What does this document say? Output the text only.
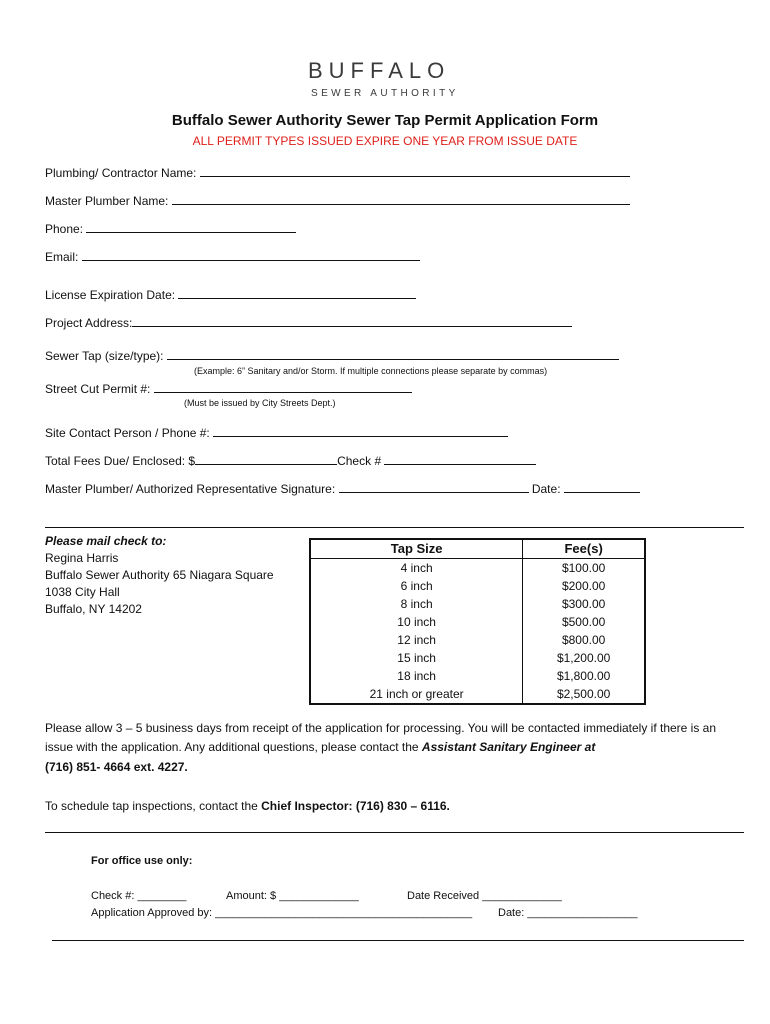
BUFFALO
SEWER AUTHORITY
Buffalo Sewer Authority Sewer Tap Permit Application Form
ALL PERMIT TYPES ISSUED EXPIRE ONE YEAR FROM ISSUE DATE
Plumbing/ Contractor Name:
Master Plumber Name:
Phone:
Email:
License Expiration Date:
Project Address:
Sewer Tap (size/type):
(Example: 6” Sanitary and/or Storm. If multiple connections please separate by commas)
Street Cut Permit #:
(Must be issued by City Streets Dept.)
Site Contact Person / Phone #:
Total Fees Due/ Enclosed: $	Check #
Master Plumber/ Authorized Representative Signature:	Date:
Please mail check to:
Regina Harris
Buffalo Sewer Authority 65 Niagara Square
1038 City Hall
Buffalo, NY 14202
Tap Size	Fee(s)
4 inch	$100.00
6 inch	$200.00
8 inch	$300.00
10 inch	$500.00
12 inch	$800.00
15 inch	$1,200.00
18 inch	$1,800.00
21 inch or greater	$2,500.00
Please allow 3 – 5 business days from receipt of the application for processing. You will be contacted immediately if there is an issue with the application. Any additional questions, please contact the Assistant Sanitary Engineer at
(716) 851- 4664 ext. 4227.
To schedule tap inspections, contact the Chief Inspector: (716) 830 – 6116.
For office use only:
Check #: ________	Amount: $ _____________	Date Received _____________
Application Approved by: __________________________________________ Date: __________________
